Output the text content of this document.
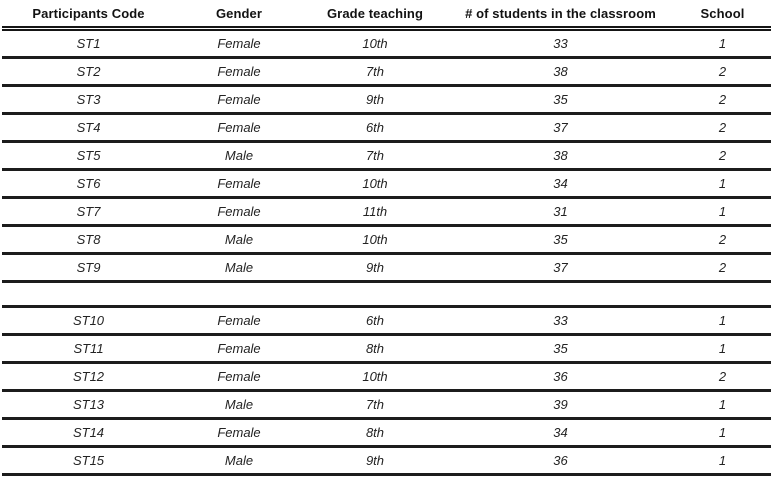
Participants Code	Gender	Grade teaching	# of students in the classroom	School
ST1	Female	10th	33	1
ST2	Female	7th	38	2
ST3	Female	9th	35	2
ST4	Female	6th	37	2
ST5	Male	7th	38	2
ST6	Female	10th	34	1
ST7	Female	11th	31	1
ST8	Male	10th	35	2
ST9	Male	9th	37	2

ST10	Female	6th	33	1
ST11	Female	8th	35	1
ST12	Female	10th	36	2
ST13	Male	7th	39	1
ST14	Female	8th	34	1
ST15	Male	9th	36	1
